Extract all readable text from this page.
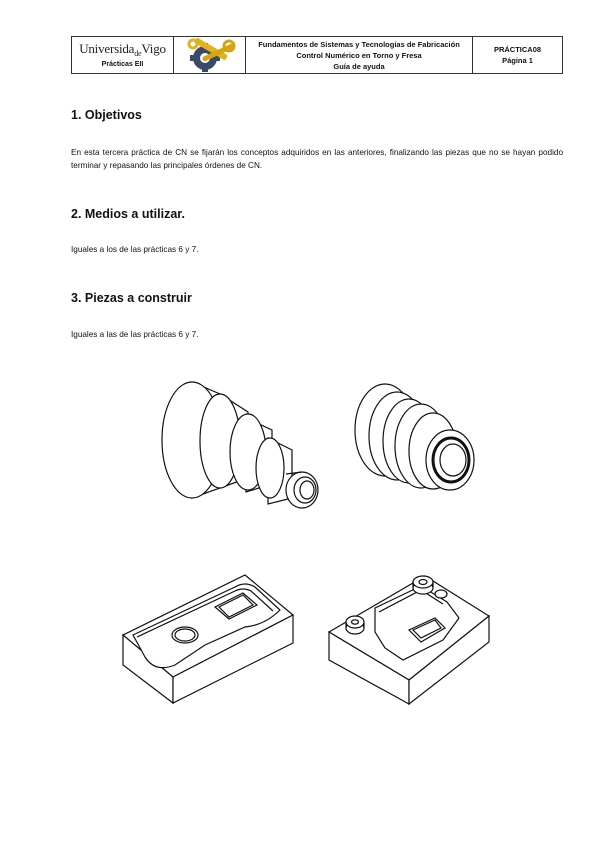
Universida$_{de}$Vigo
Prácticas EII
Fundamentos de Sistemas y Tecnologías de Fabricación
Control Numérico en Torno y Fresa
Guía de ayuda
PRÁCTICA08
Página 1
1. Objetivos

En esta tercera práctica de CN se fijarán los conceptos adquiridos en las anteriores, finalizando las piezas que no se hayan podido terminar y repasando las principales órdenes de CN.

2. Medios a utilizar.

Iguales a los de las prácticas 6 y 7.

3. Piezas a construir

Iguales a las de las prácticas 6 y 7.
